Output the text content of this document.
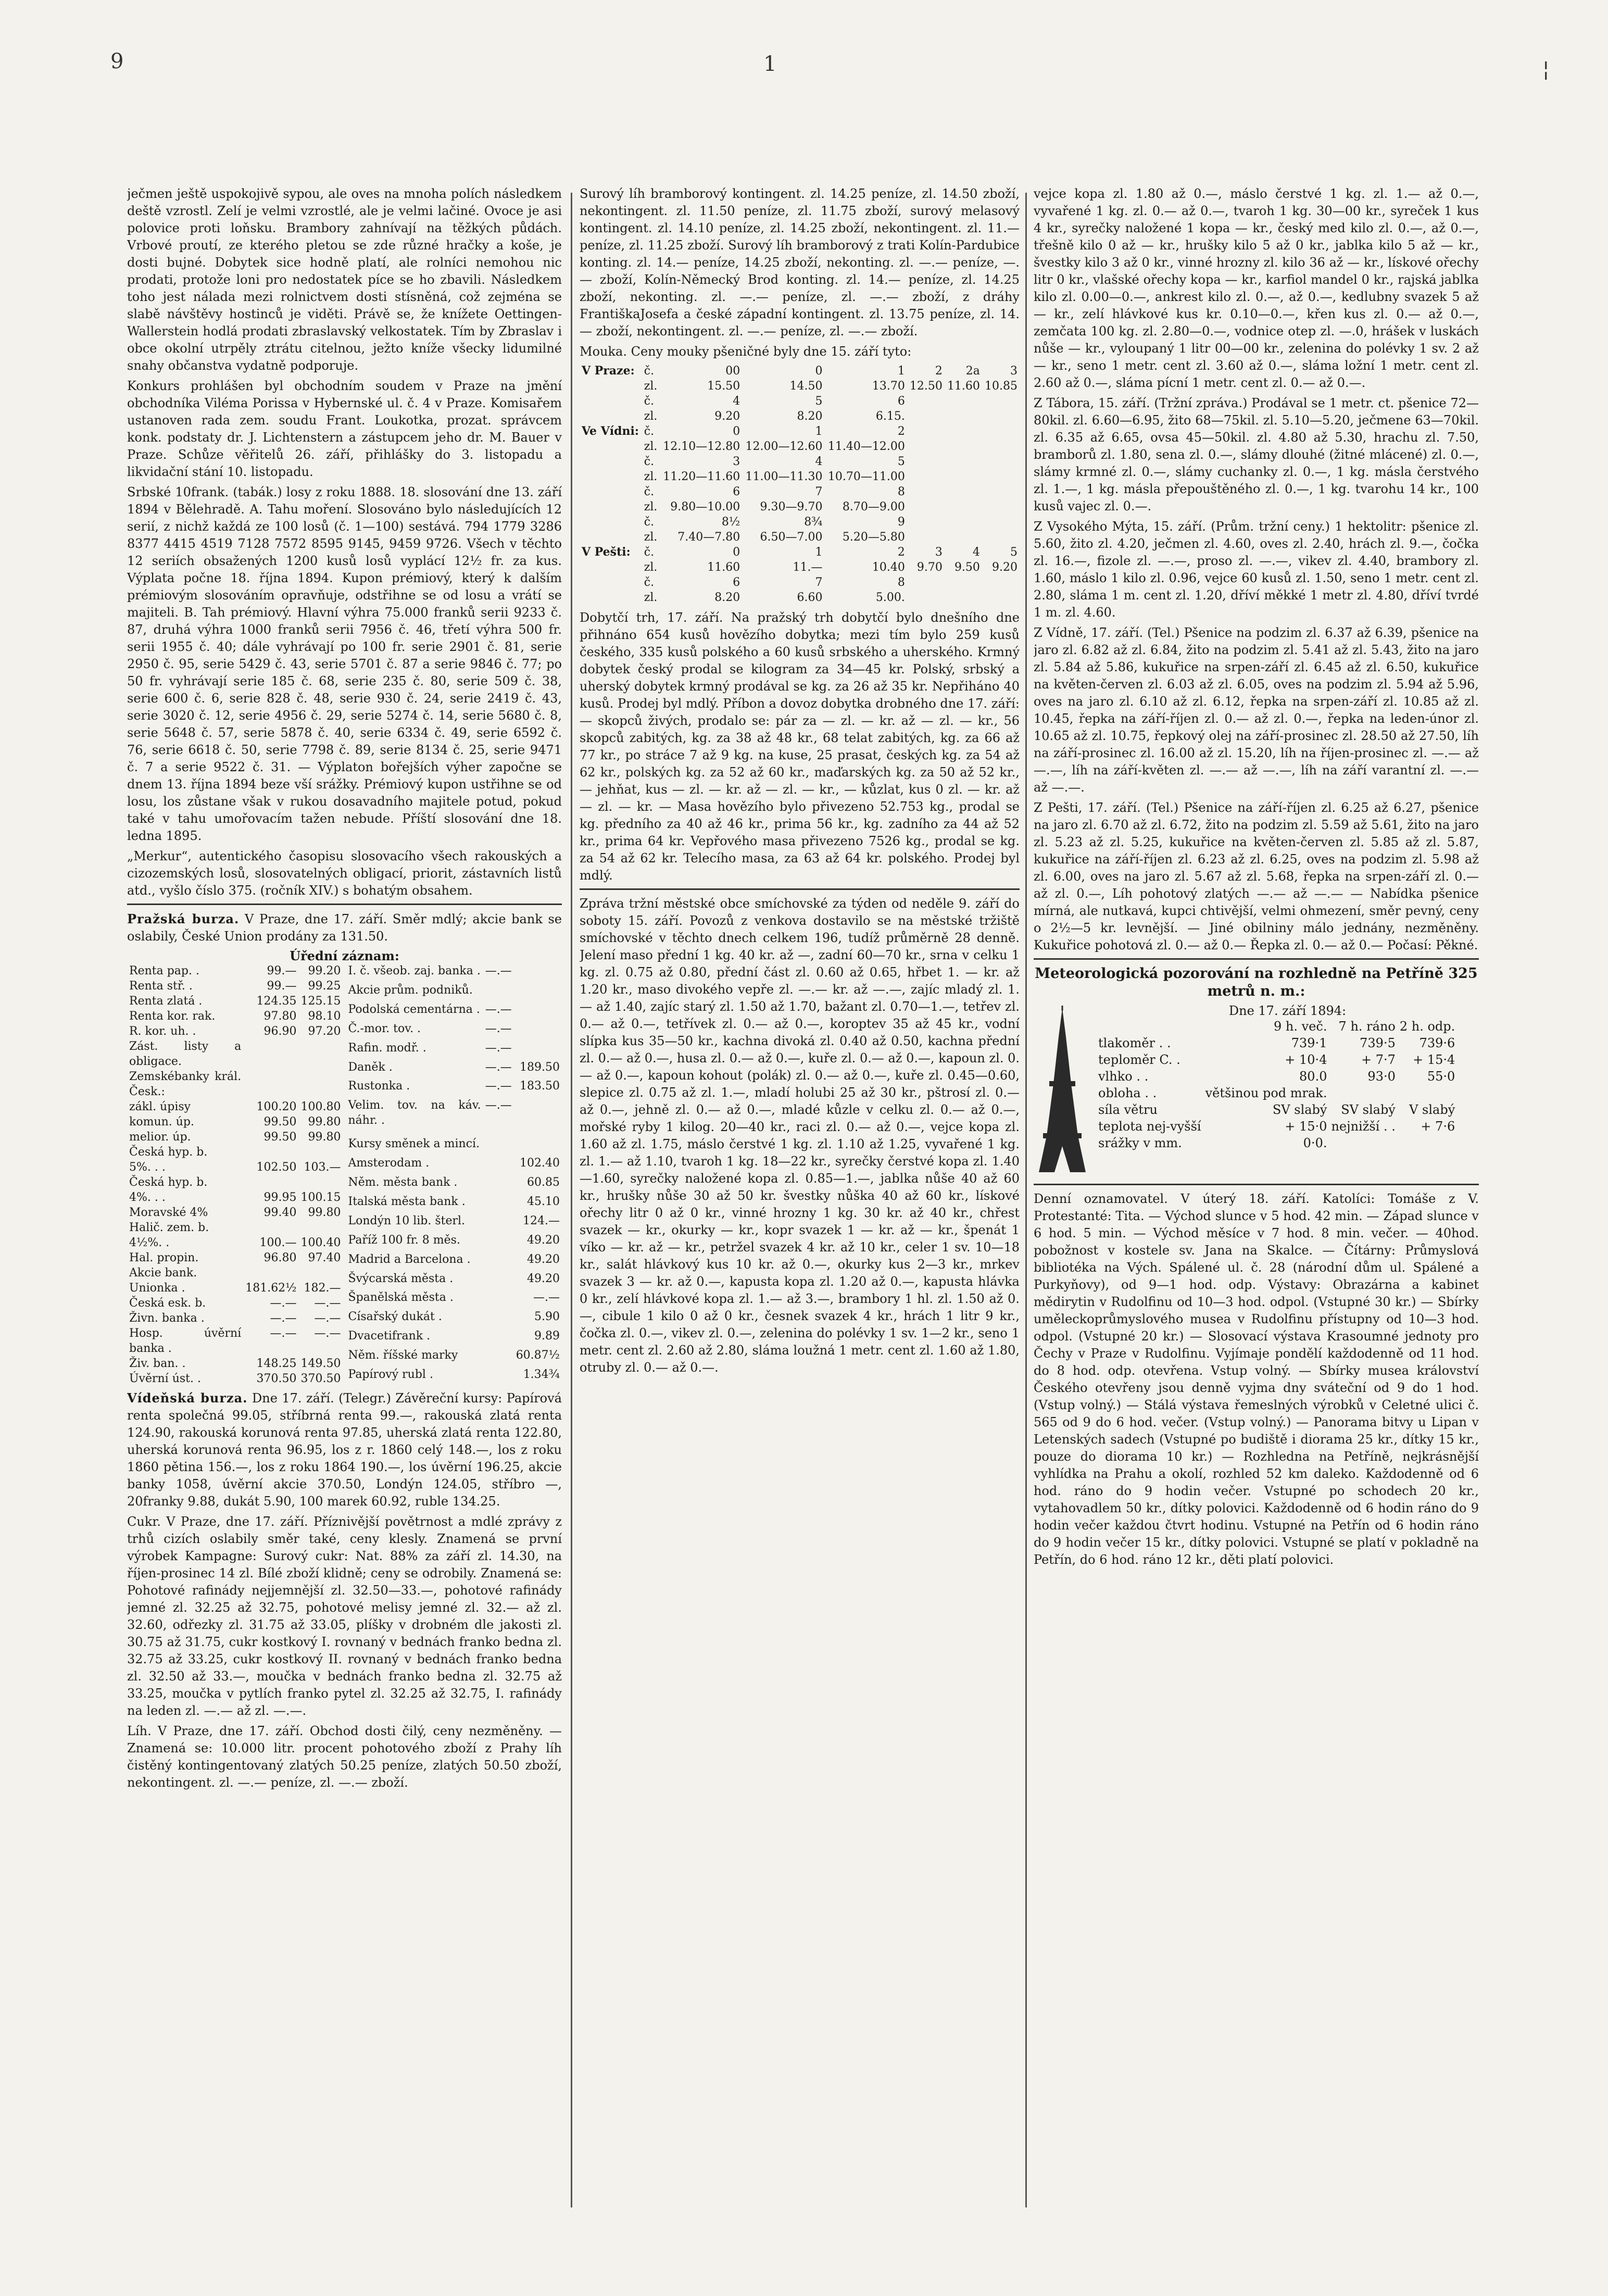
9	1	¦

ječmen ještě uspokojivě sypou, ale oves na mnoha polích následkem deště vzrostl. Zelí je velmi vzrostlé, ale je velmi lačiné. Ovoce je asi polovice proti loňsku. Brambory zahnívají na těžkých půdách. Vrbové proutí, ze kterého pletou se zde různé hračky a koše, je dosti bujné. Dobytek sice hodně platí, ale rolníci nemohou nic prodati, protože loni pro nedostatek píce se ho zbavili. Následkem toho jest nálada mezi rolnictvem dosti stísněná, což zejména se slabě návštěvy hostinců je viděti. Právě se, že knížete Oettingen-Wallerstein hodlá prodati zbraslavský velkostatek. Tím by Zbraslav i obce okolní utrpěly ztrátu citelnou, ježto kníže všecky lidumilné snahy občanstva vydatně podporuje.

Konkurs prohlášen byl obchodním soudem v Praze na jmění obchodníka Viléma Porissa v Hybernské ul. č. 4 v Praze. Komisařem ustanoven rada zem. soudu Frant. Loukotka, prozat. správcem konk. podstaty dr. J. Lichtenstern a zástupcem jeho dr. M. Bauer v Praze. Schůze věřitelů 26. září, přihlášky do 3. listopadu a likvidační stání 10. listopadu.

Srbské 10frank. (tabák.) losy z roku 1888. 18. slosování dne 13. září 1894 v Bělehradě. A. Tahu moření. Slosováno bylo následujících 12 serií, z nichž každá ze 100 losů (č. 1—100) sestává. 794 1779 3286 8377 4415 4519 7128 7572 8595 9145, 9459 9726. Všech v těchto 12 seriích obsažených 1200 kusů losů vyplácí 12½ fr. za kus. Výplata počne 18. října 1894. Kupon prémiový, který k dalším prémiovým slosováním opravňuje, odstřihne se od losu a vrátí se majiteli. B. Tah prémiový. Hlavní výhra 75.000 franků serii 9233 č. 87, druhá výhra 1000 franků serii 7956 č. 46, třetí výhra 500 fr. serii 1955 č. 40; dále vyhrávají po 100 fr. serie 2901 č. 81, serie 2950 č. 95, serie 5429 č. 43, serie 5701 č. 87 a serie 9846 č. 77; po 50 fr. vyhrávají serie 185 č. 68, serie 235 č. 80, serie 509 č. 38, serie 600 č. 6, serie 828 č. 48, serie 930 č. 24, serie 2419 č. 43, serie 3020 č. 12, serie 4956 č. 29, serie 5274 č. 14, serie 5680 č. 8, serie 5648 č. 57, serie 5878 č. 40, serie 6334 č. 49, serie 6592 č. 76, serie 6618 č. 50, serie 7798 č. 89, serie 8134 č. 25, serie 9471 č. 7 a serie 9522 č. 31. — Výplaton bořejších výher započne se dnem 13. října 1894 beze vší srážky. Prémiový kupon ustřihne se od losu, los zůstane však v rukou dosavadního majitele potud, pokud také v tahu umořovacím tažen nebude. Příští slosování dne 18. ledna 1895.

„Merkur“, autentického časopisu slosovacího všech rakouských a cizozemských losů, slosovatelných obligací, priorit, zástavních listů atd., vyšlo číslo 375. (ročník XIV.) s bohatým obsahem.

Pražská burza. V Praze, dne 17. září. Směr mdlý; akcie bank se oslabily, České Union prodány za 131.50.

Úřední záznam:
Renta pap. .	99.—	99.20
Renta stř. .	99.—	99.25
Renta zlatá .	124.35	125.15
Renta kor. rak.	97.80	98.10
R. kor. uh. .	96.90	97.20
Zást. listy a obligace.		
Zemskébanky král. Česk.:		
zákl. úpisy	100.20	100.80
komun. úp.	99.50	99.80
melior. úp.	99.50	99.80
Česká hyp. b.		
5%. . .	102.50	103.—
Česká hyp. b.		
4%. . .	99.95	100.15
Moravské 4%	99.40	99.80
Halič. zem. b.		
4½%. .	100.—	100.40
Hal. propin.	96.80	97.40
Akcie bank.		
Unionka .	181.62½	182.—
Česká esk. b.	—.—	—.—
Živn. banka .	—.—	—.—
Hosp. úvěrní banka .	—.—	—.—
Živ. ban. .	148.25	149.50
Úvěrní úst. .	370.50	370.50
I. č. všeob. zaj. banka .	—.—	
Akcie prům. podniků.		
Podolská cementárna .	—.—	
Č.-mor. tov. .	—.—	
Rafin. modř. .	—.—	
Daněk .	—.—	189.50
Rustonka .	—.—	183.50
Velim. tov. na káv. náhr. .	—.—	
Kursy směnek a mincí.		
Amsterodam .		102.40
Něm. města bank .		60.85
Italská města bank .		45.10
Londýn 10 lib. šterl.		124.—
Paříž 100 fr. 8 měs.		49.20
Madrid a Barcelona .		49.20
Švýcarská města .		49.20
Španělská města .		—.—
Císařský dukát .		5.90
Dvacetifrank .		9.89
Něm. říšské marky		60.87½
Papírový rubl .		1.34¾

Vídeňská burza. Dne 17. září. (Telegr.) Závěreční kursy: Papírová renta společná 99.05, stříbrná renta 99.—, rakouská zlatá renta 124.90, rakouská korunová renta 97.85, uherská zlatá renta 122.80, uherská korunová renta 96.95, los z r. 1860 celý 148.—, los z roku 1860 pětina 156.—, los z roku 1864 190.—, los úvěrní 196.25, akcie banky 1058, úvěrní akcie 370.50, Londýn 124.05, stříbro —, 20franky 9.88, dukát 5.90, 100 marek 60.92, ruble 134.25.

Cukr. V Praze, dne 17. září. Příznivější povětrnost a mdlé zprávy z trhů cizích oslabily směr také, ceny klesly. Znamená se první výrobek Kampagne: Surový cukr: Nat. 88% za září zl. 14.30, na říjen-prosinec 14 zl. Bílé zboží klidně; ceny se odrobily. Znamená se: Pohotové rafinády nejjemnější zl. 32.50—33.—, pohotové rafinády jemné zl. 32.25 až 32.75, pohotové melisy jemné zl. 32.— až zl. 32.60, odřezky zl. 31.75 až 33.05, plíšky v drobném dle jakosti zl. 30.75 až 31.75, cukr kostkový I. rovnaný v bednách franko bedna zl. 32.75 až 33.25, cukr kostkový II. rovnaný v bednách franko bedna zl. 32.50 až 33.—, moučka v bednách franko bedna zl. 32.75 až 33.25, moučka v pytlích franko pytel zl. 32.25 až 32.75, I. rafinády na leden zl. —.— až zl. —.—.

Líh. V Praze, dne 17. září. Obchod dosti čilý, ceny nezměněny. — Znamená se: 10.000 litr. procent pohotového zboží z Prahy líh čistěný kontingentovaný zlatých 50.25 peníze, zlatých 50.50 zboží, nekontingent. zl. —.— peníze, zl. —.— zboží.

Surový líh bramborový kontingent. zl. 14.25 peníze, zl. 14.50 zboží, nekontingent. zl. 11.50 peníze, zl. 11.75 zboží, surový melasový kontingent. zl. 14.10 peníze, zl. 14.25 zboží, nekontingent. zl. 11.— peníze, zl. 11.25 zboží. Surový líh bramborový z trati Kolín-Pardubice konting. zl. 14.— peníze, 14.25 zboží, nekonting. zl. —.— peníze, —.— zboží, Kolín-Německý Brod konting. zl. 14.— peníze, zl. 14.25 zboží, nekonting. zl. —.— peníze, zl. —.— zboží, z dráhy FrantiškaJosefa a české západní kontingent. zl. 13.75 peníze, zl. 14.— zboží, nekontingent. zl. —.— peníze, zl. —.— zboží.

Mouka. Ceny mouky pšeničné byly dne 15. září tyto:

V Praze:	č.	00	0	1	2	2a	3
	zl.	15.50	14.50	13.70	12.50	11.60	10.85
	č.	4	5	6			
	zl.	9.20	8.20	6.15.			
Ve Vídni:	č.	0	1	2			
	zl.	12.10—12.80	12.00—12.60	11.40—12.00			
	č.	3	4	5			
	zl.	11.20—11.60	11.00—11.30	10.70—11.00			
	č.	6	7	8			
	zl.	9.80—10.00	9.30—9.70	8.70—9.00			
	č.	8½	8¾	9			
	zl.	7.40—7.80	6.50—7.00	5.20—5.80			
V Pešti:	č.	0	1	2	3	4	5
	zl.	11.60	11.—	10.40	9.70	9.50	9.20
	č.	6	7	8			
	zl.	8.20	6.60	5.00.			

Dobytčí trh, 17. září. Na pražský trh dobytčí bylo dnešního dne přihnáno 654 kusů hovězího dobytka; mezi tím bylo 259 kusů českého, 335 kusů polského a 60 kusů srbského a uherského. Krmný dobytek český prodal se kilogram za 34—45 kr. Polský, srbský a uherský dobytek krmný prodával se kg. za 26 až 35 kr. Nepřiháno 40 kusů. Prodej byl mdlý. Příbon a dovoz dobytka drobného dne 17. září: — skopců živých, prodalo se: pár za — zl. — kr. až — zl. — kr., 56 skopců zabitých, kg. za 38 až 48 kr., 68 telat zabitých, kg. za 66 až 77 kr., po stráce 7 až 9 kg. na kuse, 25 prasat, českých kg. za 54 až 62 kr., polských kg. za 52 až 60 kr., maďarských kg. za 50 až 52 kr., — jehňat, kus — zl. — kr. až — zl. — kr., — kůzlat, kus 0 zl. — kr. až — zl. — kr. — Masa hovězího bylo přivezeno 52.753 kg., prodal se kg. předního za 40 až 46 kr., prima 56 kr., kg. zadního za 44 až 52 kr., prima 64 kr. Vepřového masa přivezeno 7526 kg., prodal se kg. za 54 až 62 kr. Telecího masa, za 63 až 64 kr. polského. Prodej byl mdlý.

Zpráva tržní městské obce smíchovské za týden od neděle 9. září do soboty 15. září. Povozů z venkova dostavilo se na městské tržiště smíchovské v těchto dnech celkem 196, tudíž průměrně 28 denně. Jelení maso přední 1 kg. 40 kr. až —, zadní 60—70 kr., srna v celku 1 kg. zl. 0.75 až 0.80, přední část zl. 0.60 až 0.65, hřbet 1. — kr. až 1.20 kr., maso divokého vepře zl. —.— kr. až —.—, zajíc mladý zl. 1. — až 1.40, zajíc starý zl. 1.50 až 1.70, bažant zl. 0.70—1.—, tetřev zl. 0.— až 0.—, tetřívek zl. 0.— až 0.—, koroptev 35 až 45 kr., vodní slípka kus 35—50 kr., kachna divoká zl. 0.40 až 0.50, kachna přední zl. 0.— až 0.—, husa zl. 0.— až 0.—, kuře zl. 0.— až 0.—, kapoun zl. 0.— až 0.—, kapoun kohout (polák) zl. 0.— až 0.—, kuře zl. 0.45—0.60, slepice zl. 0.75 až zl. 1.—, mladí holubi 25 až 30 kr., pštrosí zl. 0.— až 0.—, jehně zl. 0.— až 0.—, mladé kůzle v celku zl. 0.— až 0.—, mořské ryby 1 kilog. 20—40 kr., raci zl. 0.— až 0.—, vejce kopa zl. 1.60 až zl. 1.75, máslo čerstvé 1 kg. zl. 1.10 až 1.25, vyvařené 1 kg. zl. 1.— až 1.10, tvaroh 1 kg. 18—22 kr., syrečky čerstvé kopa zl. 1.40—1.60, syrečky naložené kopa zl. 0.85—1.—, jablka nůše 40 až 60 kr., hrušky nůše 30 až 50 kr. švestky nůška 40 až 60 kr., lískové ořechy litr 0 až 0 kr., vinné hrozny 1 kg. 30 kr. až 40 kr., chřest svazek — kr., okurky — kr., kopr svazek 1 — kr. až — kr., špenát 1 víko — kr. až — kr., petržel svazek 4 kr. až 10 kr., celer 1 sv. 10—18 kr., salát hlávkový kus 10 kr. až 0.—, okurky kus 2—3 kr., mrkev svazek 3 — kr. až 0.—, kapusta kopa zl. 1.20 až 0.—, kapusta hlávka 0 kr., zelí hlávkové kopa zl. 1.— až 3.—, brambory 1 hl. zl. 1.50 až 0.—, cibule 1 kilo 0 až 0 kr., česnek svazek 4 kr., hrách 1 litr 9 kr., čočka zl. 0.—, vikev zl. 0.—, zelenina do polévky 1 sv. 1—2 kr., seno 1 metr. cent zl. 2.60 až 2.80, sláma loužná 1 metr. cent zl. 1.60 až 1.80, otruby zl. 0.— až 0.—.

vejce kopa zl. 1.80 až 0.—, máslo čerstvé 1 kg. zl. 1.— až 0.—, vyvařené 1 kg. zl. 0.— až 0.—, tvaroh 1 kg. 30—00 kr., syreček 1 kus 4 kr., syrečky naložené 1 kopa — kr., český med kilo zl. 0.—, až 0.—, třešně kilo 0 až — kr., hrušky kilo 5 až 0 kr., jablka kilo 5 až — kr., švestky kilo 3 až 0 kr., vinné hrozny zl. kilo 36 až — kr., lískové ořechy litr 0 kr., vlašské ořechy kopa — kr., karfiol mandel 0 kr., rajská jablka kilo zl. 0.00—0.—, ankrest kilo zl. 0.—, až 0.—, kedlubny svazek 5 až — kr., zelí hlávkové kus kr. 0.10—0.—, křen kus zl. 0.— až 0.—, zemčata 100 kg. zl. 2.80—0.—, vodnice otep zl. —.0, hrášek v luskách nůše — kr., vyloupaný 1 litr 00—00 kr., zelenina do polévky 1 sv. 2 až — kr., seno 1 metr. cent zl. 3.60 až 0.—, sláma ložní 1 metr. cent zl. 2.60 až 0.—, sláma pícní 1 metr. cent zl. 0.— až 0.—.

Z Tábora, 15. září. (Tržní zpráva.) Prodával se 1 metr. ct. pšenice 72—80kil. zl. 6.60—6.95, žito 68—75kil. zl. 5.10—5.20, ječmene 63—70kil. zl. 6.35 až 6.65, ovsa 45—50kil. zl. 4.80 až 5.30, hrachu zl. 7.50, bramborů zl. 1.80, sena zl. 0.—, slámy dlouhé (žitné mlácené) zl. 0.—, slámy krmné zl. 0.—, slámy cuchanky zl. 0.—, 1 kg. másla čerstvého zl. 1.—, 1 kg. másla přepouštěného zl. 0.—, 1 kg. tvarohu 14 kr., 100 kusů vajec zl. 0.—.

Z Vysokého Mýta, 15. září. (Prům. tržní ceny.) 1 hektolitr: pšenice zl. 5.60, žito zl. 4.20, ječmen zl. 4.60, oves zl. 2.40, hrách zl. 9.—, čočka zl. 16.—, fizole zl. —.—, proso zl. —.—, vikev zl. 4.40, brambory zl. 1.60, máslo 1 kilo zl. 0.96, vejce 60 kusů zl. 1.50, seno 1 metr. cent zl. 2.80, sláma 1 m. cent zl. 1.20, dříví měkké 1 metr zl. 4.80, dříví tvrdé 1 m. zl. 4.60.

Z Vídně, 17. září. (Tel.) Pšenice na podzim zl. 6.37 až 6.39, pšenice na jaro zl. 6.82 až zl. 6.84, žito na podzim zl. 5.41 až zl. 5.43, žito na jaro zl. 5.84 až 5.86, kukuřice na srpen-září zl. 6.45 až zl. 6.50, kukuřice na květen-červen zl. 6.03 až zl. 6.05, oves na podzim zl. 5.94 až 5.96, oves na jaro zl. 6.10 až zl. 6.12, řepka na srpen-září zl. 10.85 až zl. 10.45, řepka na září-říjen zl. 0.— až zl. 0.—, řepka na leden-únor zl. 10.65 až zl. 10.75, řepkový olej na září-prosinec zl. 28.50 až 27.50, líh na září-prosinec zl. 16.00 až zl. 15.20, líh na říjen-prosinec zl. —.— až —.—, líh na září-květen zl. —.— až —.—, líh na září varantní zl. —.— až —.—.

Z Pešti, 17. září. (Tel.) Pšenice na září-říjen zl. 6.25 až 6.27, pšenice na jaro zl. 6.70 až zl. 6.72, žito na podzim zl. 5.59 až 5.61, žito na jaro zl. 5.23 až zl. 5.25, kukuřice na květen-červen zl. 5.85 až zl. 5.87, kukuřice na září-říjen zl. 6.23 až zl. 6.25, oves na podzim zl. 5.98 až zl. 6.00, oves na jaro zl. 5.67 až zl. 5.68, řepka na srpen-září zl. 0.— až zl. 0.—, Líh pohotový zlatých —.— až —.— — Nabídka pšenice mírná, ale nutkavá, kupci chtivější, velmi ohmezení, směr pevný, ceny o 2½—5 kr. levnější. — Jiné obilniny málo jednány, nezměněny. Kukuřice pohotová zl. 0.— až 0.— Řepka zl. 0.— až 0.— Počasí: Pěkné.

Meteorologická pozorování na rozhledně na Petříně 325 metrů n. m.:
Dne 17. září 1894:
	9 h. več.	7 h. ráno	2 h. odp.
tlakoměr . .	739·1	739·5	739·6
teploměr C. .	+ 10·4	+ 7·7	+ 15·4
vlhko . .	80.0	93·0	55·0
obloha . .	většinou pod mrak.		
síla větru	SV slabý	SV slabý	V slabý
teplota nej-vyšší	+ 15·0	nejnižší . .	+ 7·6
srážky v mm.	0·0.		

Denní oznamovatel. V úterý 18. září. Katolíci: Tomáše z V. Protestanté: Tita. — Východ slunce v 5 hod. 42 min. — Západ slunce v 6 hod. 5 min. — Východ měsíce v 7 hod. 8 min. večer. — 40hod. pobožnost v kostele sv. Jana na Skalce. — Čítárny: Průmyslová bibliotéka na Vých. Spálené ul. č. 28 (národní dům ul. Spálené a Purkyňovy), od 9—1 hod. odp. Výstavy: Obrazárna a kabinet mědirytin v Rudolfinu od 10—3 hod. odpol. (Vstupné 30 kr.) — Sbírky uměleckoprůmyslového musea v Rudolfinu přístupny od 10—3 hod. odpol. (Vstupné 20 kr.) — Slosovací výstava Krasoumné jednoty pro Čechy v Praze v Rudolfinu. Vyjímaje pondělí každodenně od 11 hod. do 8 hod. odp. otevřena. Vstup volný. — Sbírky musea království Českého otevřeny jsou denně vyjma dny sváteční od 9 do 1 hod. (Vstup volný.) — Stálá výstava řemeslných výrobků v Celetné ulici č. 565 od 9 do 6 hod. večer. (Vstup volný.) — Panorama bitvy u Lipan v Letenských sadech (Vstupné po budiště i diorama 25 kr., dítky 15 kr., pouze do diorama 10 kr.) — Rozhledna na Petříně, nejkrásnější vyhlídka na Prahu a okolí, rozhled 52 km daleko. Každodenně od 6 hod. ráno do 9 hodin večer. Vstupné po schodech 20 kr., vytahovadlem 50 kr., dítky polovici. Každodenně od 6 hodin ráno do 9 hodin večer každou čtvrt hodinu. Vstupné na Petřín od 6 hodin ráno do 9 hodin večer 15 kr., dítky polovici. Vstupné se platí v pokladně na Petřín, do 6 hod. ráno 12 kr., děti platí polovici.
